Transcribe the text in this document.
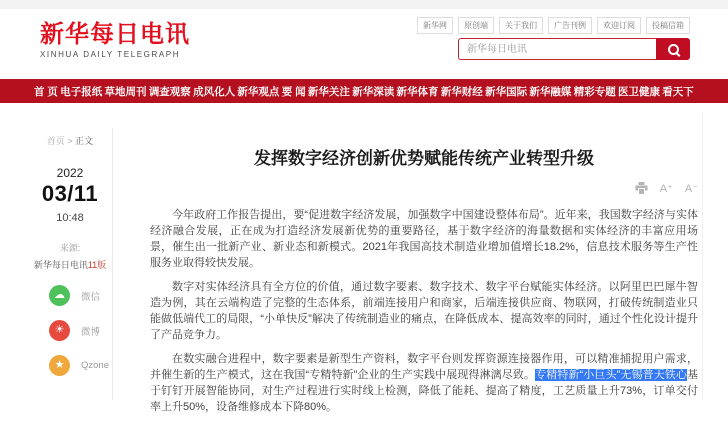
新华每日电讯
XINHUA DAILY TELEGRAPH
新华网	原创端	关于我们	广告刊例	欢迎订阅	投稿信箱
新华每日电讯
首 页 电子报纸 草地周刊 调查观察 成风化人 新华观点 要 闻 新华关注 新华深读 新华体育 新华财经 新华国际 新华融媒 精彩专题 医卫健康 看天下
首页 > 正文
2022
03/11
10:48
来源:
新华每日电讯11版
☁	微信
☀	微博
★	Qzone
发挥数字经济创新优势赋能传统产业转型升级
A⁺ A⁻

今年政府工作报告提出，要“促进数字经济发展，加强数字中国建设整体布局”。近年来，我国数字经济与实体经济融合发展，正在成为打造经济发展新优势的重要路径，基于数字经济的海量数据和实体经济的丰富应用场景，催生出一批新产业、新业态和新模式。2021年我国高技术制造业增加值增长18.2%，信息技术服务等生产性服务业取得较快发展。

数字对实体经济具有全方位的价值，通过数字要素、数字技术、数字平台赋能实体经济。以阿里巴巴犀牛智造为例，其在云端构造了完整的生态体系，前端连接用户和商家，后端连接供应商、物联网，打破传统制造业只能做低端代工的局限，“小单快反”解决了传统制造业的痛点，在降低成本、提高效率的同时，通过个性化设计提升了产品竞争力。

在数实融合进程中，数字要素是新型生产资料，数字平台则发挥资源连接器作用，可以精准捕捉用户需求，并催生新的生产模式，这在我国“专精特新”企业的生产实践中展现得淋漓尽致。专精特新“小巨头”无锡普天铁心基于钉钉开展智能协同，对生产过程进行实时线上检测，降低了能耗、提高了精度，工艺质量上升73%，订单交付率上升50%，设备维修成本下降80%。
